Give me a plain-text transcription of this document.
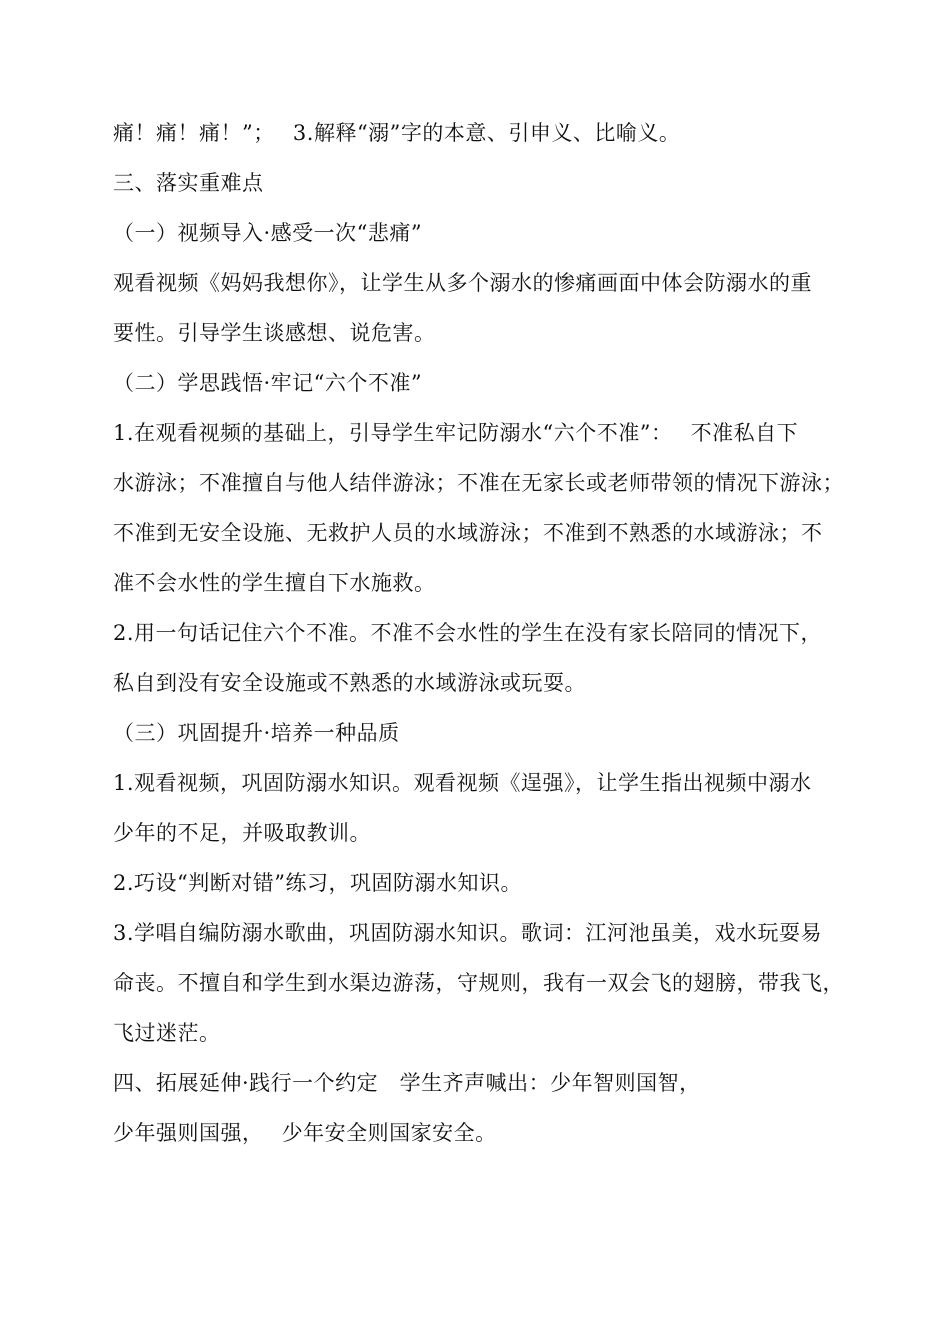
痛！痛！痛！”；　 3.解释“溺”字的本意、引申义、比喻义。
三、落实重难点
（一）视频导入·感受一次“悲痛”
观看视频《妈妈我想你》，让学生从多个溺水的惨痛画面中体会防溺水的重
要性。引导学生谈感想、说危害。
（二）学思践悟·牢记“六个不准”
1.在观看视频的基础上，引导学生牢记防溺水“六个不准”：　 不准私自下
水游泳；不准擅自与他人结伴游泳；不准在无家长或老师带领的情况下游泳；
不准到无安全设施、无救护人员的水域游泳；不准到不熟悉的水域游泳；不
准不会水性的学生擅自下水施救。
2.用一句话记住六个不准。不准不会水性的学生在没有家长陪同的情况下，
私自到没有安全设施或不熟悉的水域游泳或玩耍。
（三）巩固提升·培养一种品质
1.观看视频，巩固防溺水知识。观看视频《逞强》，让学生指出视频中溺水
少年的不足，并吸取教训。
2.巧设“判断对错”练习，巩固防溺水知识。
3.学唱自编防溺水歌曲，巩固防溺水知识。歌词：江河池虽美，戏水玩耍易
命丧。不擅自和学生到水渠边游荡，守规则，我有一双会飞的翅膀，带我飞，
飞过迷茫。
四、拓展延伸·践行一个约定　学生齐声喊出：少年智则国智，
少年强则国强，　 少年安全则国家安全。
